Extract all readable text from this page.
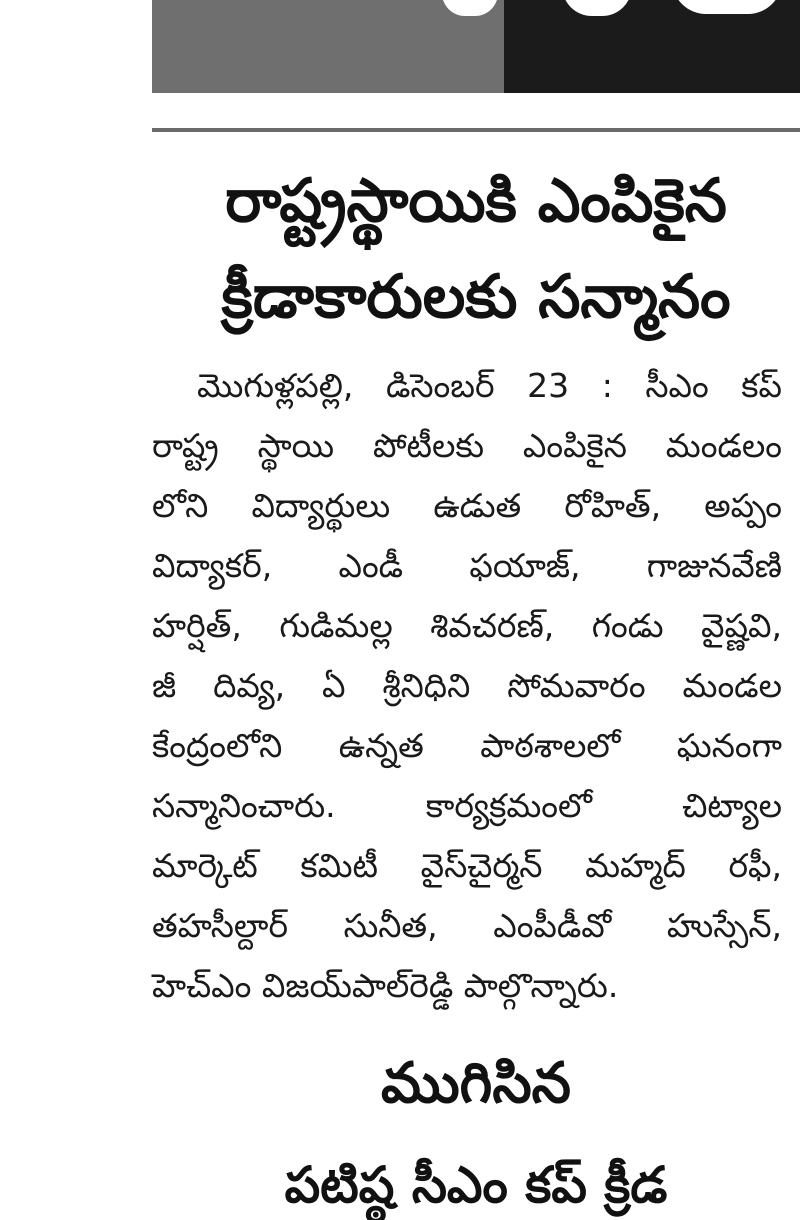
రాష్ట్రస్థాయికి ఎంపికైన
క్రీడాకారులకు సన్మానం
మొగుళ్లపల్లి, డిసెంబర్ 23 : సీఎం కప్
రాష్ట్ర స్థాయి పోటీలకు ఎంపికైన మండలం
లోని విద్యార్థులు ఉడుత రోహిత్, అప్పం
విద్యాకర్, ఎండీ ఫయాజ్, గాజునవేణి
హర్షిత్, గుడిమల్ల శివచరణ్, గండు వైష్ణవి,
జీ దివ్య, ఏ శ్రీనిధిని సోమవారం మండల
కేంద్రంలోని ఉన్నత పాఠశాలలో ఘనంగా
సన్మానించారు. కార్యక్రమంలో చిట్యాల
మార్కెట్ కమిటీ వైస్‌చైర్మన్ మహ్మద్ రఫీ,
తహసీల్దార్ సునీత, ఎంపీడీవో హుస్సేన్,
హెచ్‌ఎం విజయ్‌పాల్‌రెడ్డి పాల్గొన్నారు.
ముగిసిన
పటిష్ఠ సీఎం కప్ క్రీడ
